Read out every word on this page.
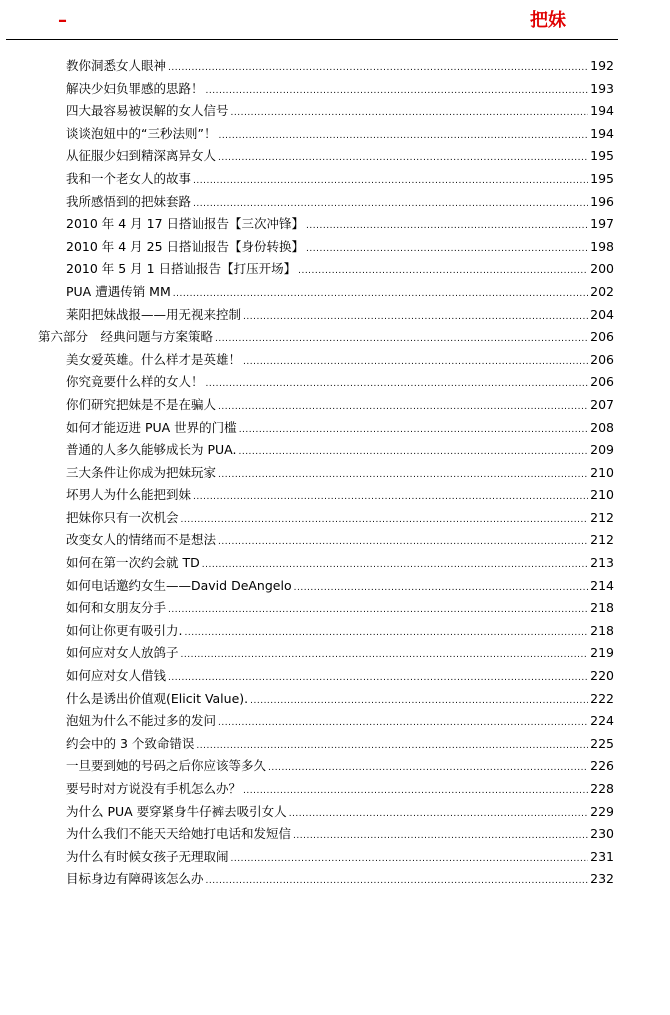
–	把妹
教你洞悉女人眼神 .....	192
解决少妇负罪感的思路！ .....	193
四大最容易被误解的女人信号 .....	194
谈谈泡妞中的“三秒法则”！ .....	194
从征服少妇到精深离异女人 .....	195
我和一个老女人的故事 .....	195
我所感悟到的把妹套路 .....	196
2010 年 4 月 17 日搭讪报告【三次冲锋】 .....	197
2010 年 4 月 25 日搭讪报告【身份转换】 .....	198
2010 年 5 月 1 日搭讪报告【打压开场】 .....	200
PUA 遭遇传销 MM .....	202
莱阳把妹战报——用无视来控制 .....	204
第六部分　经典问题与方案策略 .....	206
美女爱英雄。什么样才是英雄！ .....	206
你究竟要什么样的女人！ .....	206
你们研究把妹是不是在骗人 .....	207
如何才能迈进 PUA 世界的门槛 .....	208
普通的人多久能够成长为 PUA. .....	209
三大条件让你成为把妹玩家 .....	210
坏男人为什么能把到妹 .....	210
把妹你只有一次机会 .....	212
改变女人的情绪而不是想法 .....	212
如何在第一次约会就 TD .....	213
如何电话邀约女生——David DeAngelo .....	214
如何和女朋友分手 .....	218
如何让你更有吸引力. .....	218
如何应对女人放鸽子 .....	219
如何应对女人借钱 .....	220
什么是诱出价值观(Elicit Value). .....	222
泡妞为什么不能过多的发问 .....	224
约会中的 3 个致命错误 .....	225
一旦要到她的号码之后你应该等多久 .....	226
要号时对方说没有手机怎么办？ .....	228
为什么 PUA 要穿紧身牛仔裤去吸引女人 .....	229
为什么我们不能天天给她打电话和发短信 .....	230
为什么有时候女孩子无理取闹 .....	231
目标身边有障碍该怎么办 .....	232
